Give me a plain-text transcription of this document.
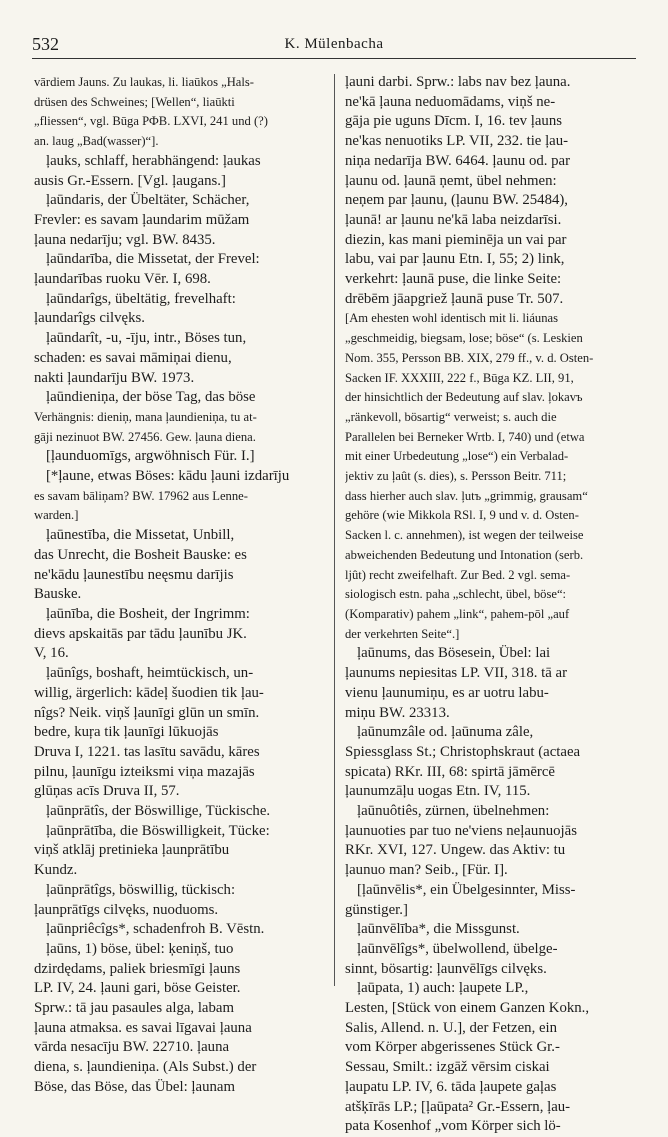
532	K. Mülenbacha
vārdiem Jauns. Zu laukas, li. liaūkos „Hals-
drüsen des Schweines; [Wellen“, liaūkti
„fliessen“, vgl. Būga РФВ. LXVI, 241 und (?)
an. laug „Bad(wasser)“].
ļauks, schlaff, herabhängend: ļaukas
ausis Gr.-Essern. [Vgl. ļaugans.]
ļaūndaris, der Übeltäter, Schächer,
Frevler: es savam ļaundarim mūžam
ļauna nedarīju; vgl. BW. 8435.
ļaūndarība, die Missetat, der Frevel:
ļaundarības ruoku Vēr. I, 698.
ļaūndarîgs, übeltätig, frevelhaft:
ļaundarîgs cilvęks.
ļaūndarît, -u, -īju, intr., Böses tun,
schaden: es savai māmiņai dienu,
nakti ļaundarīju BW. 1973.
ļaūndieniņa, der böse Tag, das böse
Verhängnis: dieniņ, mana ļaundieniņa, tu at-
gāji nezinuot BW. 27456. Gew. ļauna diena.
[ļaunduomīgs, argwöhnisch Für. I.]
[*ļaune, etwas Böses: kādu ļauni izdarīju
es savam bāliņam? BW. 17962 aus Lenne-
warden.]
ļaūnestība, die Missetat, Unbill,
das Unrecht, die Bosheit Bauske: es
ne'kādu ļaunestību neęsmu darījis
Bauske.
ļaūnība, die Bosheit, der Ingrimm:
dievs apskaitās par tādu ļaunību JK.
V, 16.
ļaūnîgs, boshaft, heimtückisch, un-
willig, ärgerlich: kādeļ šuodien tik ļau-
nîgs? Neik. viņš ļaunīgi glūn un smīn.
bedre, kuŗa tik ļaunīgi lūkuojās
Druva I, 1221. tas lasītu savādu, kāres
pilnu, ļaunīgu izteiksmi viņa mazajās
glūņas acīs Druva II, 57.
ļaūnprātîs, der Böswillige, Tückische.
ļaūnprātība, die Böswilligkeit, Tücke:
viņš atklāj pretinieka ļaunprātību
Kundz.
ļaūnprātîgs, böswillig, tückisch:
ļaunprātīgs cilvęks, nuoduoms.
ļaūnpriêcîgs*, schadenfroh B. Vēstn.
ļaūns, 1) böse, übel: ķeniņš, tuo
dzirdędams, paliek briesmīgi ļauns
LP. IV, 24. ļauni gari, böse Geister.
Sprw.: tā jau pasaules alga, labam
ļauna atmaksa. es savai līgavai ļauna
vārda nesacīju BW. 22710. ļauna
diena, s. ļaundieniņa. (Als Subst.) der
Böse, das Böse, das Übel: ļaunam
ļauni darbi. Sprw.: labs nav bez ļauna.
ne'kā ļauna neduomādams, viņš ne-
gāja pie uguns Dīcm. I, 16. tev ļauns
ne'kas nenuotiks LP. VII, 232. tie ļau-
niņa nedarīja BW. 6464. ļaunu od. par
ļaunu od. ļaunā ņemt, übel nehmen:
neņem par ļaunu, (ļaunu BW. 25484),
ļaunā! ar ļaunu ne'kā laba neizdarīsi.
diezin, kas mani pieminēja un vai par
labu, vai par ļaunu Etn. I, 55; 2) link,
verkehrt: ļaunā puse, die linke Seite:
drēbēm jāapgriež ļaunā puse Tr. 507.
[Am ehesten wohl identisch mit li. liáunas
„geschmeidig, biegsam, lose; böse“ (s. Leskien
Nom. 355, Persson BB. XIX, 279 ff., v. d. Osten-
Sacken IF. XXXIII, 222 f., Būga KZ. LII, 91,
der hinsichtlich der Bedeutung auf slav. ļokavъ
„ränkevoll, bösartig“ verweist; s. auch die
Parallelen bei Berneker Wrtb. I, 740) und (etwa
mit einer Urbedeutung „lose“) ein Verbalad-
jektiv zu ļaût (s. dies), s. Persson Beitr. 711;
dass hierher auch slav. ļutъ „grimmig, grausam“
gehöre (wie Mikkola RSl. I, 9 und v. d. Osten-
Sacken l. c. annehmen), ist wegen der teilweise
abweichenden Bedeutung und Intonation (serb.
ljût) recht zweifelhaft. Zur Bed. 2 vgl. sema-
siologisch estn. paha „schlecht, übel, böse“:
(Komparativ) pahem „link“, pahem-pōl „auf
der verkehrten Seite“.]
ļaūnums, das Bösesein, Übel: lai
ļaunums nepiesitas LP. VII, 318. tā ar
vienu ļaunumiņu, es ar uotru labu-
miņu BW. 23313.
ļaūnumzâle od. ļaūnuma zâle,
Spiessglass St.; Christophskraut (actaea
spicata) RKr. III, 68: spirtā jāmērcē
ļaunumzāļu uogas Etn. IV, 115.
ļaūnuôtiês, zürnen, übelnehmen:
ļaunuoties par tuo ne'viens neļaunuojās
RKr. XVI, 127. Ungew. das Aktiv: tu
ļaunuo man? Seib., [Für. I].
[ļaūnvēlis*, ein Übelgesinnter, Miss-
günstiger.]
ļaūnvēlība*, die Missgunst.
ļaūnvēlîgs*, übelwollend, übelge-
sinnt, bösartig: ļaunvēlīgs cilvęks.
ļaūpata, 1) auch: ļaupete LP.,
Lesten, [Stück von einem Ganzen Kokn.,
Salis, Allend. n. U.], der Fetzen, ein
vom Körper abgerissenes Stück Gr.-
Sessau, Smilt.: izgāž vērsim ciskai
ļaupatu LP. IV, 6. tāda ļaupete gaļas
atšķīrās LP.; [ļaūpata² Gr.-Essern, ļau-
pata Kosenhof „vom Körper sich lö-
